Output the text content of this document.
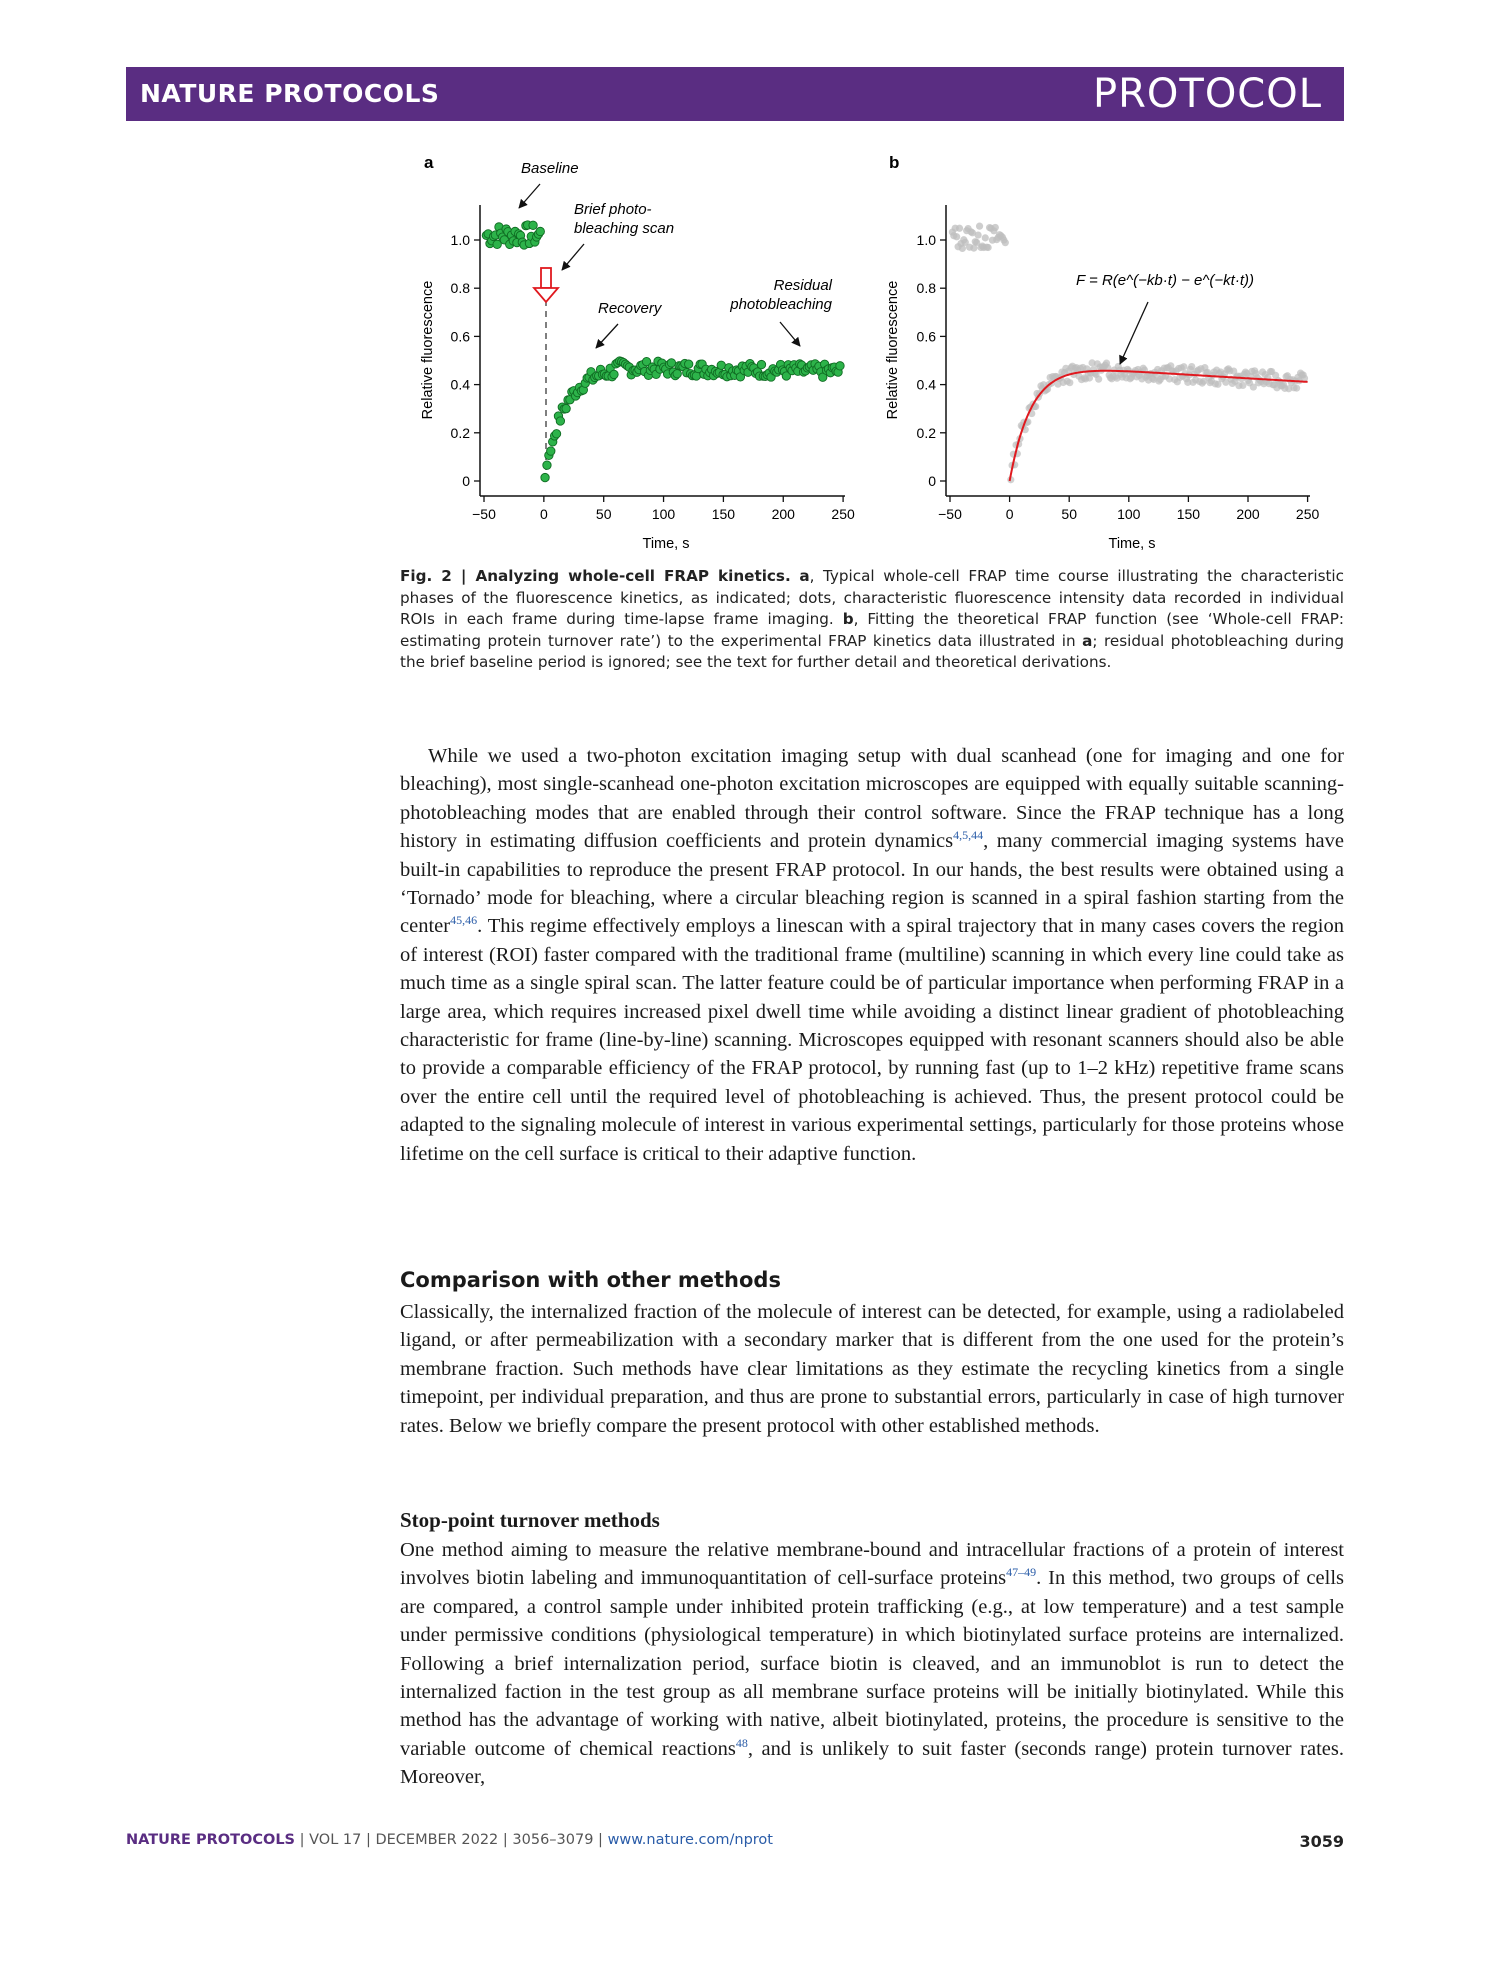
NATURE PROTOCOLS	PROTOCOL
a
0
0.2
0.4
0.6
0.8
1.0
−50	0	50	100	150	200	250
Relative fluorescence
Time, s
Baseline
Brief photo-
bleaching scan
Recovery
Residual
photobleaching
b
0
0.2
0.4
0.6
0.8
1.0
−50	0	50	100	150	200	250
Relative fluorescence
Time, s
F = R(e^(−kb·t) − e^(−kt·t))
Fig. 2 | Analyzing whole-cell FRAP kinetics. a, Typical whole-cell FRAP time course illustrating the characteristic phases of the fluorescence kinetics, as indicated; dots, characteristic fluorescence intensity data recorded in individual ROIs in each frame during time-lapse frame imaging. b, Fitting the theoretical FRAP function (see ‘Whole-cell FRAP: estimating protein turnover rate’) to the experimental FRAP kinetics data illustrated in a; residual photobleaching during the brief baseline period is ignored; see the text for further detail and theoretical derivations.

While we used a two-photon excitation imaging setup with dual scanhead (one for imaging and one for bleaching), most single-scanhead one-photon excitation microscopes are equipped with equally suitable scanning-photobleaching modes that are enabled through their control software. Since the FRAP technique has a long history in estimating diffusion coefficients and protein dynamics$^{4,5,44}$, many commercial imaging systems have built-in capabilities to reproduce the present FRAP protocol. In our hands, the best results were obtained using a ‘Tornado’ mode for bleaching, where a circular bleaching region is scanned in a spiral fashion starting from the center$^{45,46}$. This regime effectively employs a linescan with a spiral trajectory that in many cases covers the region of interest (ROI) faster compared with the traditional frame (multiline) scanning in which every line could take as much time as a single spiral scan. The latter feature could be of particular importance when performing FRAP in a large area, which requires increased pixel dwell time while avoiding a distinct linear gradient of photobleaching characteristic for frame (line-by-line) scanning. Microscopes equipped with resonant scanners should also be able to provide a comparable efficiency of the FRAP protocol, by running fast (up to 1–2 kHz) repetitive frame scans over the entire cell until the required level of photobleaching is achieved. Thus, the present protocol could be adapted to the signaling molecule of interest in various experimental settings, particularly for those proteins whose lifetime on the cell surface is critical to their adaptive function.

Comparison with other methods

Classically, the internalized fraction of the molecule of interest can be detected, for example, using a radiolabeled ligand, or after permeabilization with a secondary marker that is different from the one used for the protein’s membrane fraction. Such methods have clear limitations as they estimate the recycling kinetics from a single timepoint, per individual preparation, and thus are prone to substantial errors, particularly in case of high turnover rates. Below we briefly compare the present protocol with other established methods.

Stop-point turnover methods

One method aiming to measure the relative membrane-bound and intracellular fractions of a protein of interest involves biotin labeling and immunoquantitation of cell-surface proteins$^{47-49}$. In this method, two groups of cells are compared, a control sample under inhibited protein trafficking (e.g., at low temperature) and a test sample under permissive conditions (physiological temperature) in which biotinylated surface proteins are internalized. Following a brief internalization period, surface biotin is cleaved, and an immunoblot is run to detect the internalized faction in the test group as all membrane surface proteins will be initially biotinylated. While this method has the advantage of working with native, albeit biotinylated, proteins, the procedure is sensitive to the variable outcome of chemical reactions$^{48}$, and is unlikely to suit faster (seconds range) protein turnover rates. Moreover,

NATURE PROTOCOLS | VOL 17 | DECEMBER 2022 | 3056–3079 | www.nature.com/nprot	3059
